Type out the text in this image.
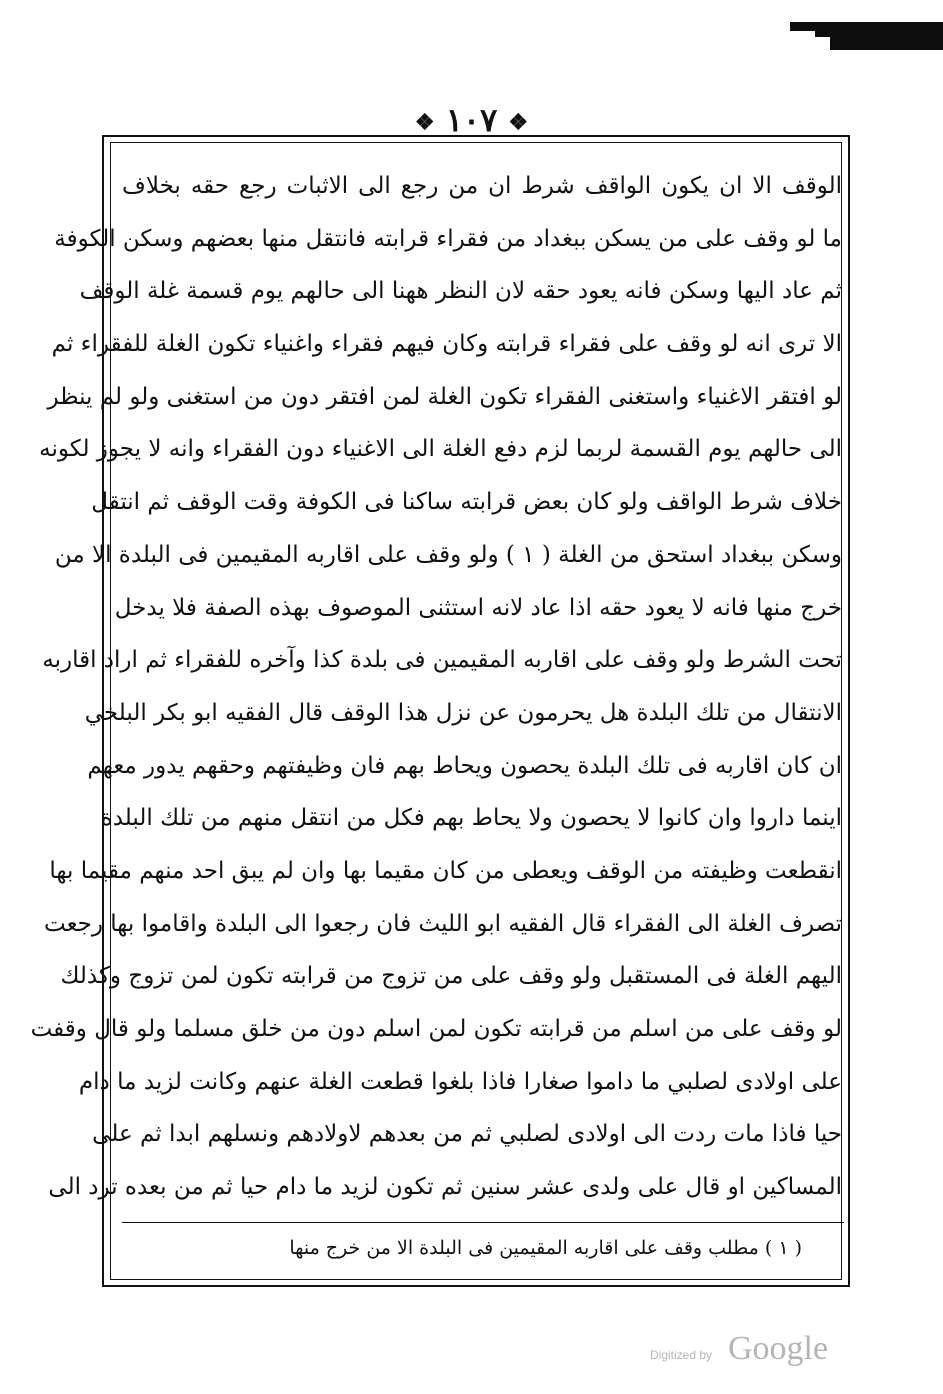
❖ ١٠٧ ❖
الوقف الا ان يكون الواقف شرط ان من رجع الى الاثبات رجع حقه بخلاف
ما لو وقف على من يسكن ببغداد من فقراء قرابته فانتقل منها بعضهم وسكن الكوفة
ثم عاد اليها وسكن فانه يعود حقه لان النظر ههنا الى حالهم يوم قسمة غلة الوقف
الا ترى انه لو وقف على فقراء قرابته وكان فيهم فقراء واغنياء تكون الغلة للفقراء ثم
لو افتقر الاغنياء واستغنى الفقراء تكون الغلة لمن افتقر دون من استغنى ولو لم ينظر
الى حالهم يوم القسمة لربما لزم دفع الغلة الى الاغنياء دون الفقراء وانه لا يجوز لكونه
خلاف شرط الواقف ولو كان بعض قرابته ساكنا فى الكوفة وقت الوقف ثم انتقل
وسكن ببغداد استحق من الغلة ( ١ ) ولو وقف على اقاربه المقيمين فى البلدة الا من
خرج منها فانه لا يعود حقه اذا عاد لانه استثنى الموصوف بهذه الصفة فلا يدخل
تحت الشرط ولو وقف على اقاربه المقيمين فى بلدة كذا وآخره للفقراء ثم اراد اقاربه
الانتقال من تلك البلدة هل يحرمون عن نزل هذا الوقف قال الفقيه ابو بكر البلخي
ان كان اقاربه فى تلك البلدة يحصون ويحاط بهم فان وظيفتهم وحقهم يدور معهم
اينما داروا وان كانوا لا يحصون ولا يحاط بهم فكل من انتقل منهم من تلك البلدة
انقطعت وظيفته من الوقف ويعطى من كان مقيما بها وان لم يبق احد منهم مقيما بها
تصرف الغلة الى الفقراء قال الفقيه ابو الليث فان رجعوا الى البلدة واقاموا بها رجعت
اليهم الغلة فى المستقبل ولو وقف على من تزوج من قرابته تكون لمن تزوج وكذلك
لو وقف على من اسلم من قرابته تكون لمن اسلم دون من خلق مسلما ولو قال وقفت
على اولادى لصلبي ما داموا صغارا فاذا بلغوا قطعت الغلة عنهم وكانت لزيد ما دام
حيا فاذا مات ردت الى اولادى لصلبي ثم من بعدهم لاولادهم ونسلهم ابدا ثم على
المساكين او قال على ولدى عشر سنين ثم تكون لزيد ما دام حيا ثم من بعده ترد الى
( ١ ) مطلب وقف على اقاربه المقيمين فى البلدة الا من خرج منها
Digitized by Google
